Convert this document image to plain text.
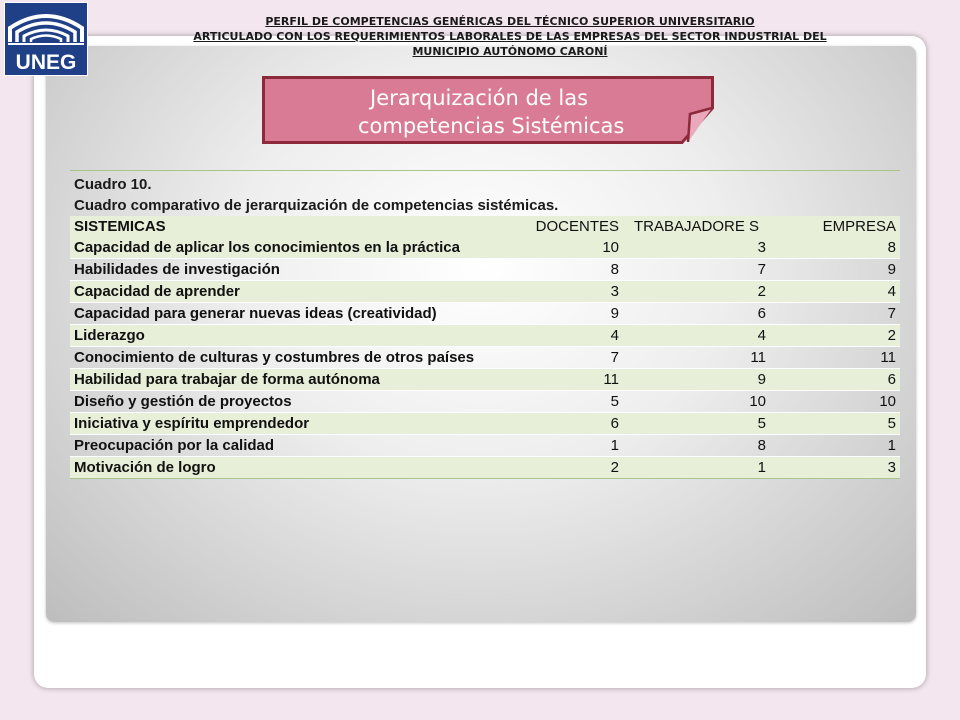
UNEG
PERFIL DE COMPETENCIAS GENÉRICAS DEL TÉCNICO SUPERIOR UNIVERSITARIO
ARTICULADO CON LOS REQUERIMIENTOS LABORALES DE LAS EMPRESAS DEL SECTOR INDUSTRIAL DEL
MUNICIPIO AUTÓNOMO CARONÍ
Jerarquización de las
competencias Sistémicas
Cuadro 10.
Cuadro comparativo de jerarquización de competencias sistémicas.
SISTEMICAS	DOCENTES	TRABAJADORE S	EMPRESA
Capacidad de aplicar los conocimientos en la práctica	10	3	8
Habilidades de investigación	8	7	9
Capacidad de aprender	3	2	4
Capacidad para generar nuevas ideas (creatividad)	9	6	7
Liderazgo	4	4	2
Conocimiento de culturas y costumbres de otros países	7	11	11
Habilidad para trabajar de forma autónoma	11	9	6
Diseño y gestión de proyectos	5	10	10
Iniciativa y espíritu emprendedor	6	5	5
Preocupación por la calidad	1	8	1
Motivación de logro	2	1	3
